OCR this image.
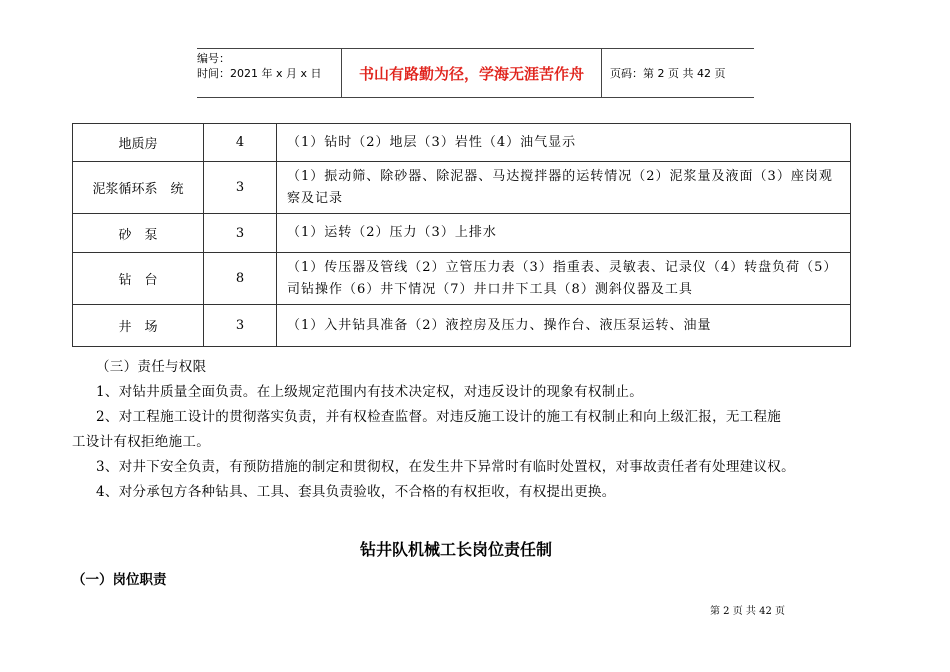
编号：
时间：2021 年 x 月 x 日	书山有路勤为径，学海无涯苦作舟 页码：第 2 页 共 42 页
地质房	4	（1）钻时（2）地层（3）岩性（4）油气显示
泥浆循环系　统	3	（1）振动筛、除砂器、除泥器、马达搅拌器的运转情况（2）泥浆量及液面（3）座岗观察及记录
砂　泵	3	（1）运转（2）压力（3）上排水
钻　台	8	（1）传压器及管线（2）立管压力表（3）指重表、灵敏表、记录仪（4）转盘负荷（5）司钻操作（6）井下情况（7）井口井下工具（8）测斜仪器及工具
井　场	3	（1）入井钻具准备（2）液控房及压力、操作台、液压泵运转、油量
（三）责任与权限
1、对钻井质量全面负责。在上级规定范围内有技术决定权，对违反设计的现象有权制止。
2、对工程施工设计的贯彻落实负责，并有权检查监督。对违反施工设计的施工有权制止和向上级汇报，无工程施
工设计有权拒绝施工。
3、对井下安全负责，有预防措施的制定和贯彻权，在发生井下异常时有临时处置权，对事故责任者有处理建议权。
4、对分承包方各种钻具、工具、套具负责验收，不合格的有权拒收，有权提出更换。
钻井队机械工长岗位责任制
（一）岗位职责
第 2 页 共 42 页
